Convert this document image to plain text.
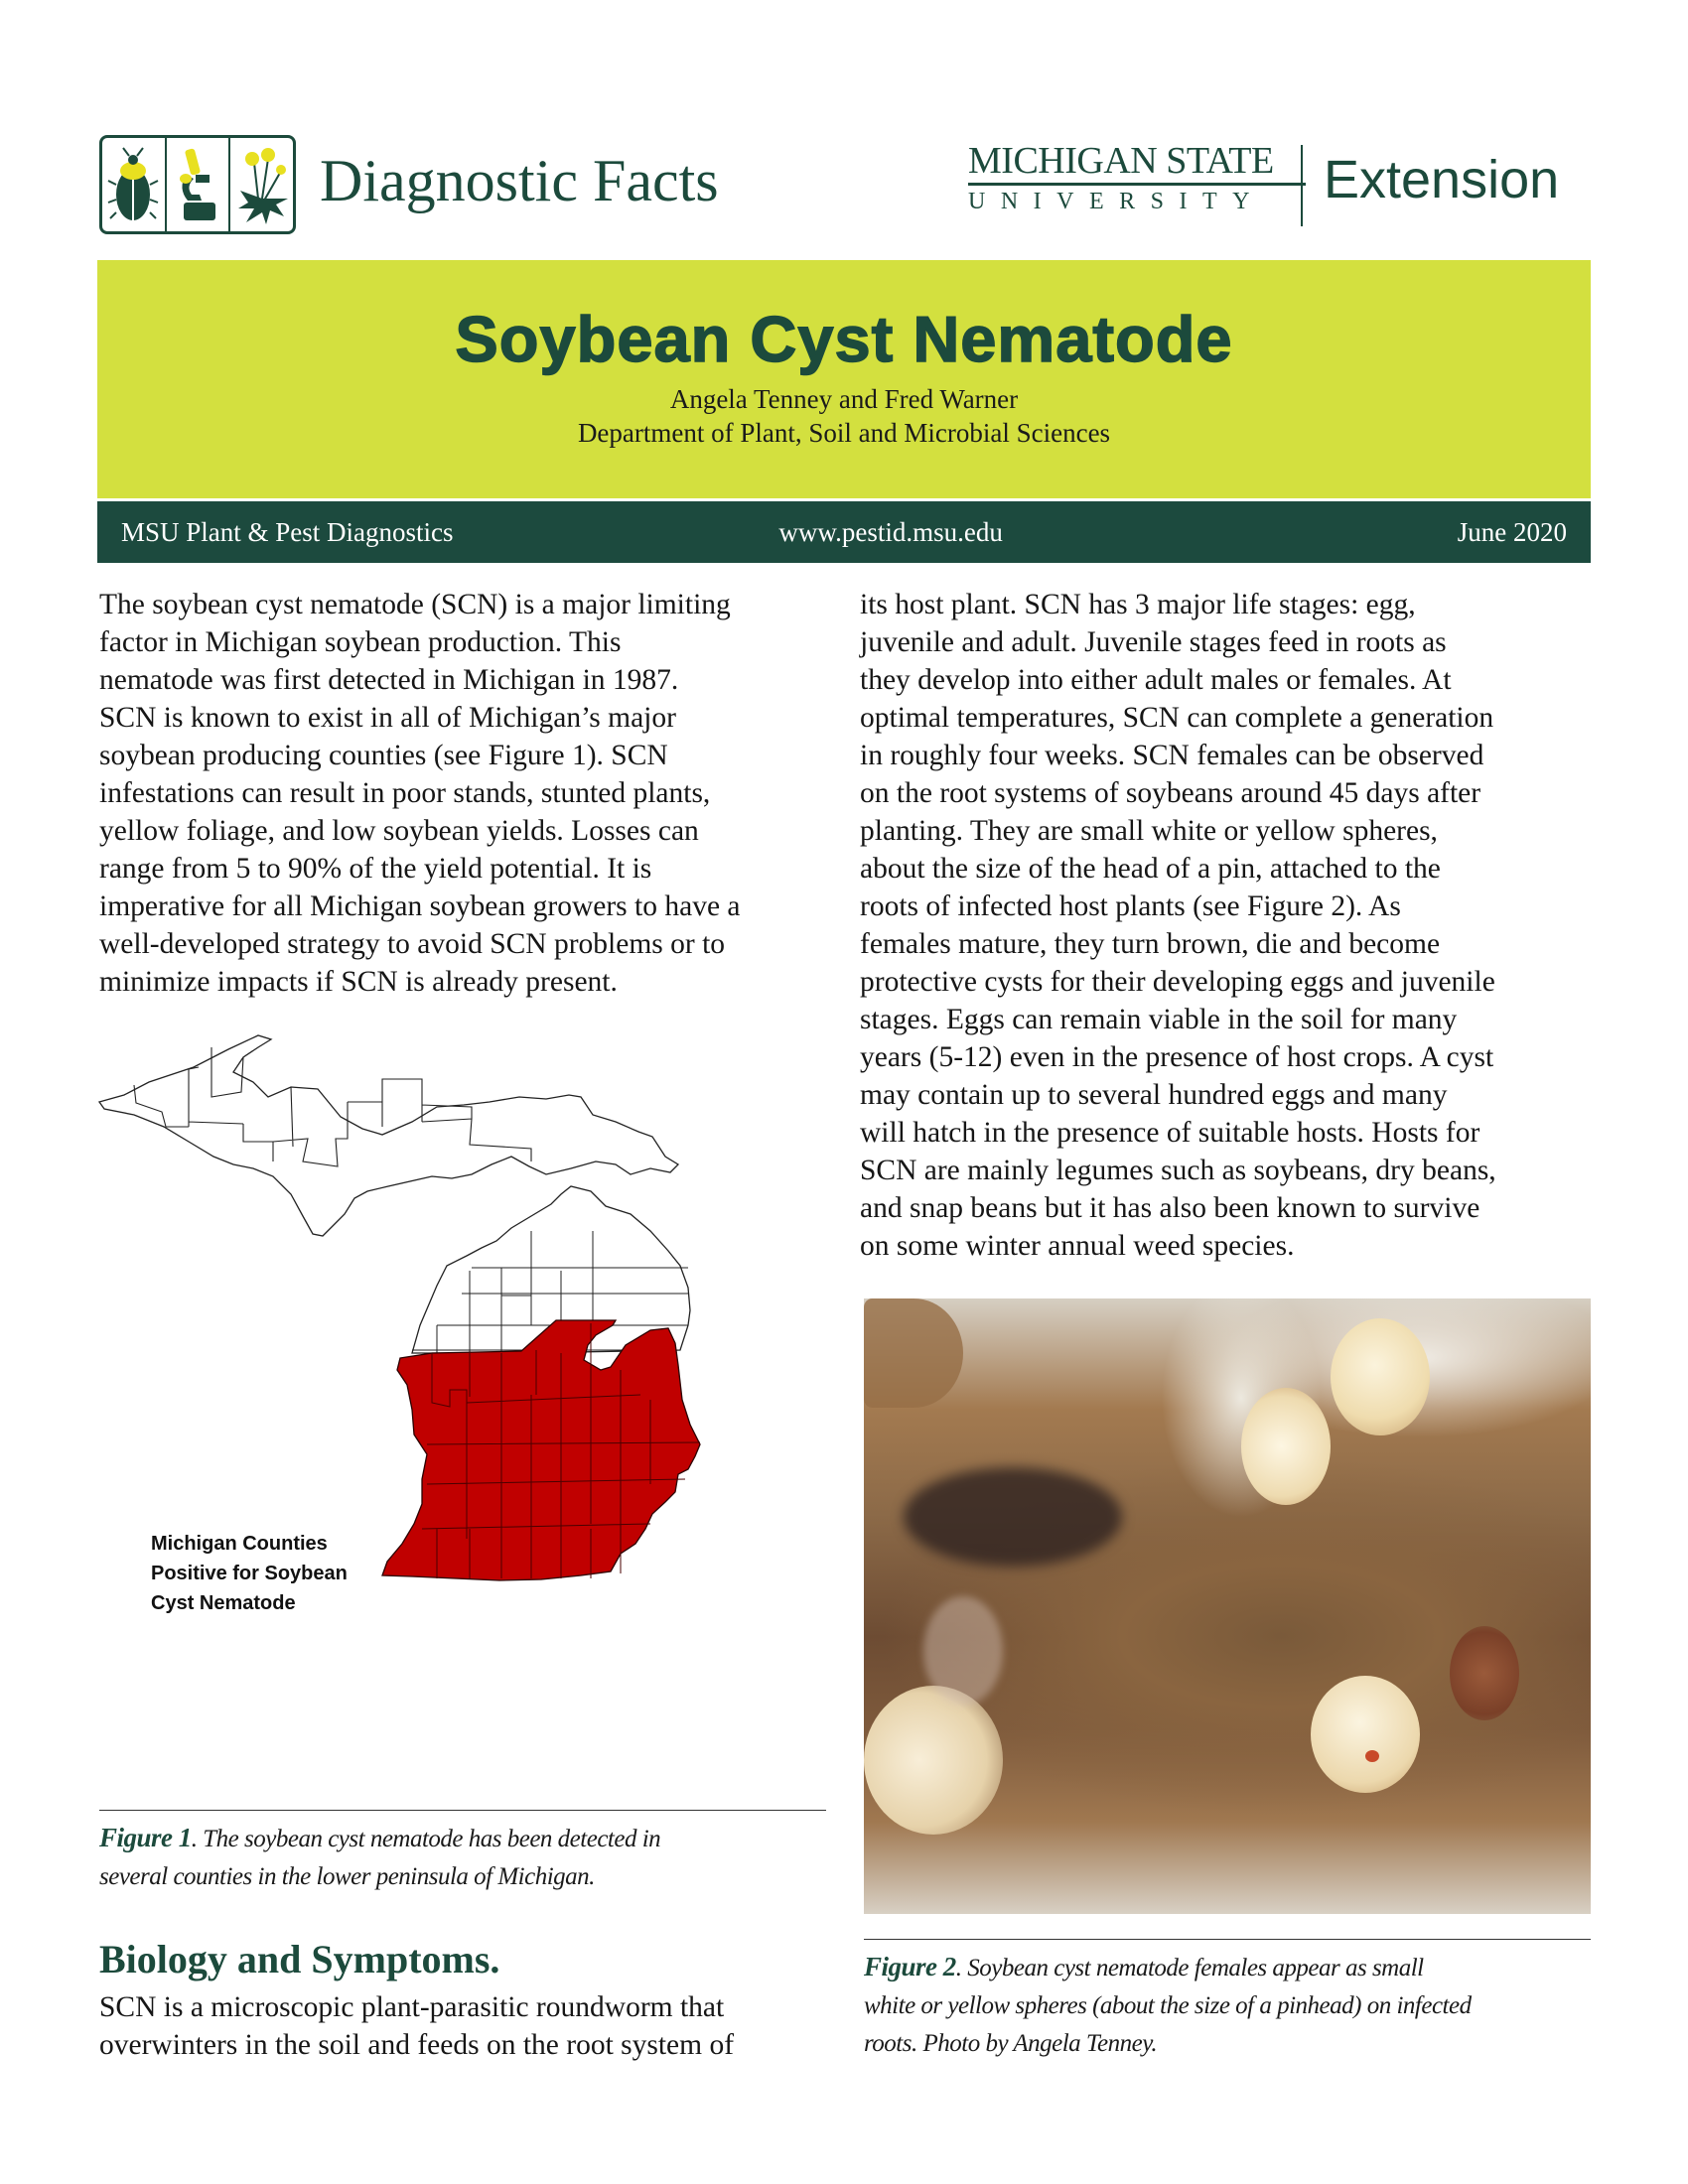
Diagnostic Facts	MICHIGAN STATE
UNIVERSITY	Extension
Soybean Cyst Nematode
Angela Tenney and Fred Warner
Department of Plant, Soil and Microbial Sciences
MSU Plant & Pest Diagnostics	www.pestid.msu.edu	June 2020
The soybean cyst nematode (SCN) is a major limiting
factor in Michigan soybean production. This
nematode was first detected in Michigan in 1987.
SCN is known to exist in all of Michigan’s major
soybean producing counties (see Figure 1). SCN
infestations can result in poor stands, stunted plants,
yellow foliage, and low soybean yields. Losses can
range from 5 to 90% of the yield potential. It is
imperative for all Michigan soybean growers to have a
well-developed strategy to avoid SCN problems or to
minimize impacts if SCN is already present.
its host plant. SCN has 3 major life stages: egg,
juvenile and adult. Juvenile stages feed in roots as
they develop into either adult males or females. At
optimal temperatures, SCN can complete a generation
in roughly four weeks. SCN females can be observed
on the root systems of soybeans around 45 days after
planting. They are small white or yellow spheres,
about the size of the head of a pin, attached to the
roots of infected host plants (see Figure 2). As
females mature, they turn brown, die and become
protective cysts for their developing eggs and juvenile
stages. Eggs can remain viable in the soil for many
years (5-12) even in the presence of host crops. A cyst
may contain up to several hundred eggs and many
will hatch in the presence of suitable hosts. Hosts for
SCN are mainly legumes such as soybeans, dry beans,
and snap beans but it has also been known to survive
on some winter annual weed species.
Michigan Counties
Positive for Soybean
Cyst Nematode
Figure 1. The soybean cyst nematode has been detected in
several counties in the lower peninsula of Michigan.
Biology and Symptoms.
SCN is a microscopic plant-parasitic roundworm that
overwinters in the soil and feeds on the root system of
Figure 2. Soybean cyst nematode females appear as small
white or yellow spheres (about the size of a pinhead) on infected
roots. Photo by Angela Tenney.
